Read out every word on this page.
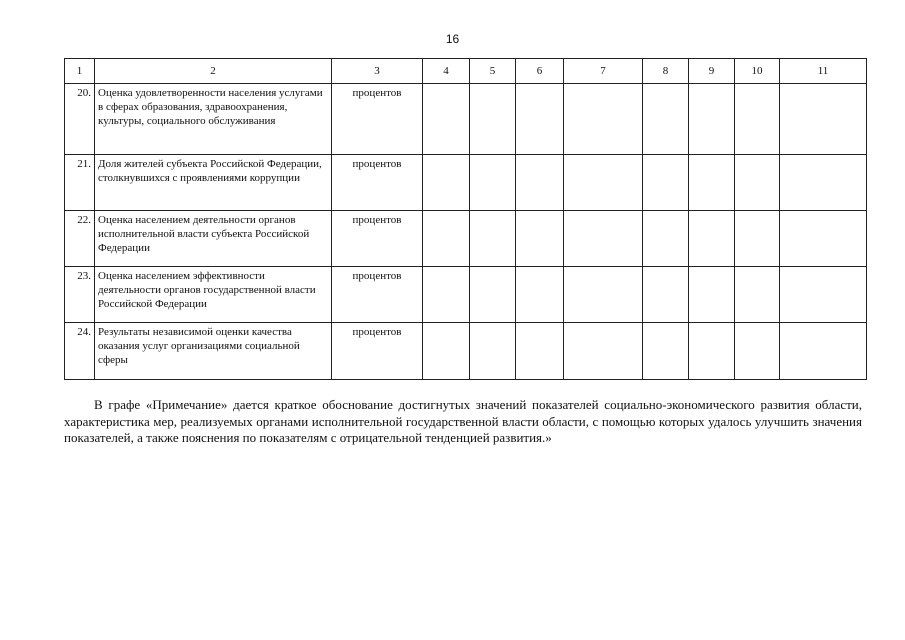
16
1	2	3	4	5	6	7	8	9	10	11
20.	Оценка удовлетворенности населения услугами в сферах образования, здравоохранения, культуры, социального обслуживания	процентов								
21.	Доля жителей субъекта Российской Федерации, столкнувшихся с проявлениями коррупции	процентов								
22.	Оценка населением деятельности органов исполнительной власти субъекта Российской Федерации	процентов								
23.	Оценка населением эффективности деятельности органов государственной власти Российской Федерации	процентов								
24.	Результаты независимой оценки качества оказания услуг организациями социальной сферы	процентов								

В графе «Примечание» дается краткое обоснование достигнутых значений показателей социально-экономического развития области, характеристика мер, реализуемых органами исполнительной государственной власти области, с помощью которых удалось улучшить значения показателей, а также пояснения по показателям с отрицательной тенденцией развития.»
